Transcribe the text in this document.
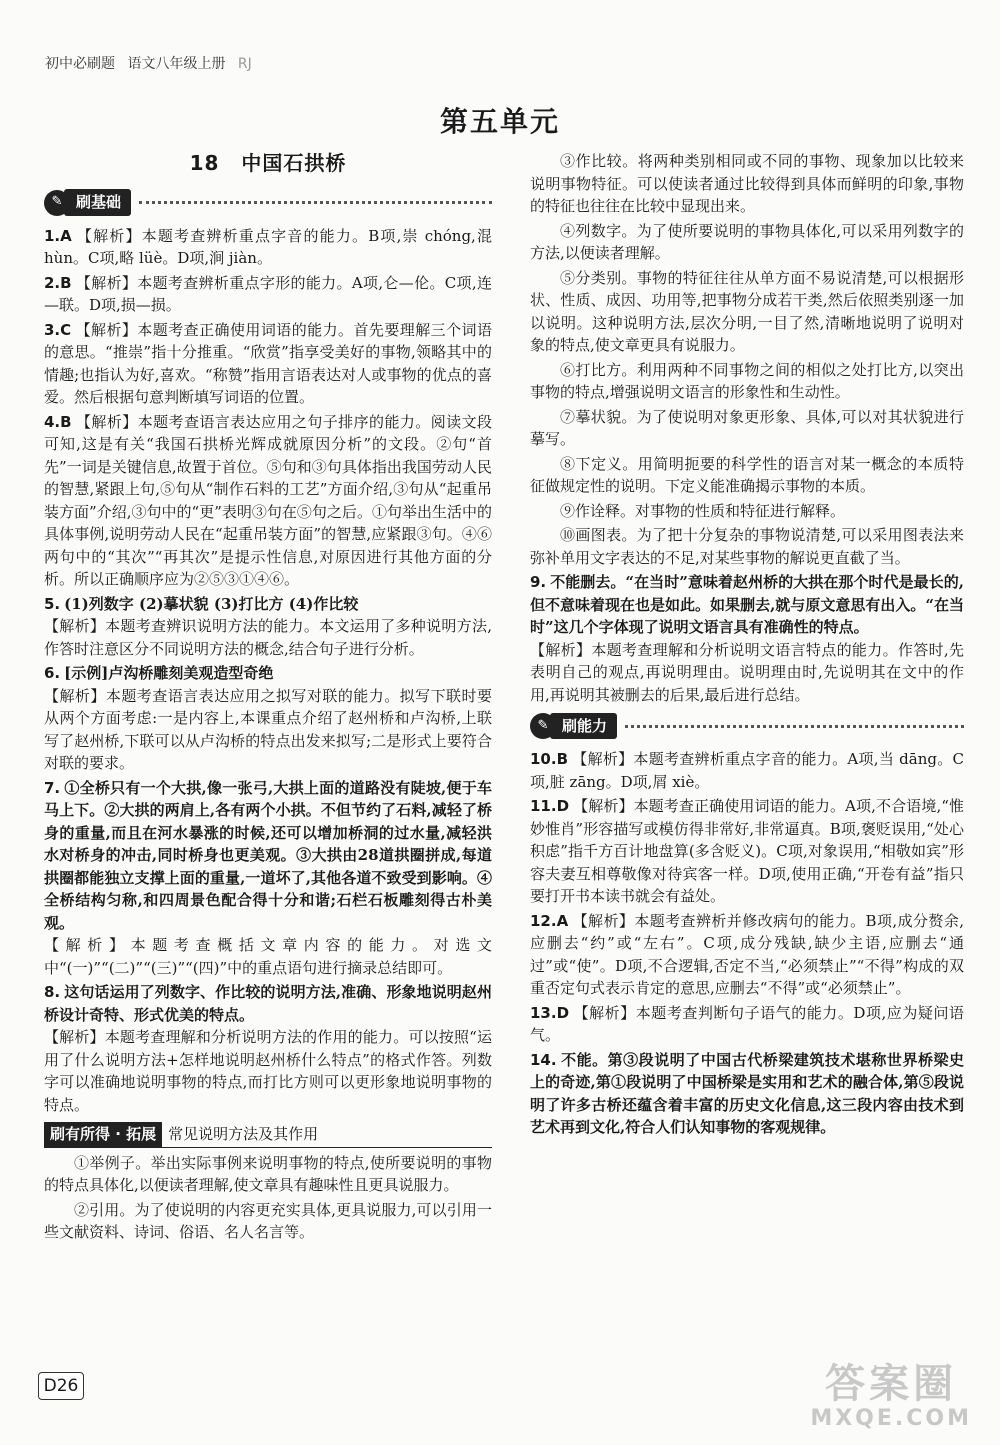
初中必刷题 语文八年级上册 RJ
第五单元
18 中国石拱桥
✎ 刷基础
1.A 【解析】本题考查辨析重点字音的能力。B项,崇 chóng,混 hùn。C项,略 lüè。D项,涧 jiàn。
2.B 【解析】本题考查辨析重点字形的能力。A项,仑—伦。C项,连—联。D项,损—损。
3.C 【解析】本题考查正确使用词语的能力。首先要理解三个词语的意思。“推崇”指十分推重。“欣赏”指享受美好的事物,领略其中的情趣;也指认为好,喜欢。“称赞”指用言语表达对人或事物的优点的喜爱。然后根据句意判断填写词语的位置。
4.B 【解析】本题考查语言表达应用之句子排序的能力。阅读文段可知,这是有关“我国石拱桥光辉成就原因分析”的文段。②句“首先”一词是关键信息,故置于首位。⑤句和③句具体指出我国劳动人民的智慧,紧跟上句,⑤句从“制作石料的工艺”方面介绍,③句从“起重吊装方面”介绍,③句中的“更”表明③句在⑤句之后。①句举出生活中的具体事例,说明劳动人民在“起重吊装方面”的智慧,应紧跟③句。④⑥两句中的“其次”“再其次”是提示性信息,对原因进行其他方面的分析。所以正确顺序应为②⑤③①④⑥。
5. (1)列数字 (2)摹状貌 (3)打比方 (4)作比较
【解析】本题考查辨识说明方法的能力。本文运用了多种说明方法,作答时注意区分不同说明方法的概念,结合句子进行分析。
6. [示例]卢沟桥雕刻美观造型奇绝
【解析】本题考查语言表达应用之拟写对联的能力。拟写下联时要从两个方面考虑:一是内容上,本课重点介绍了赵州桥和卢沟桥,上联写了赵州桥,下联可以从卢沟桥的特点出发来拟写;二是形式上要符合对联的要求。
7. ①全桥只有一个大拱,像一张弓,大拱上面的道路没有陡坡,便于车马上下。②大拱的两肩上,各有两个小拱。不但节约了石料,减轻了桥身的重量,而且在河水暴涨的时候,还可以增加桥洞的过水量,减轻洪水对桥身的冲击,同时桥身也更美观。③大拱由28道拱圈拼成,每道拱圈都能独立支撑上面的重量,一道坏了,其他各道不致受到影响。④全桥结构匀称,和四周景色配合得十分和谐;石栏石板雕刻得古朴美观。
【解析】本题考查概括文章内容的能力。对选文中“(一)”“(二)”“(三)”“(四)”中的重点语句进行摘录总结即可。
8. 这句话运用了列数字、作比较的说明方法,准确、形象地说明赵州桥设计奇特、形式优美的特点。
【解析】本题考查理解和分析说明方法的作用的能力。可以按照“运用了什么说明方法+怎样地说明赵州桥什么特点”的格式作答。列数字可以准确地说明事物的特点,而打比方则可以更形象地说明事物的特点。
刷有所得 · 拓展 常见说明方法及其作用
①举例子。举出实际事例来说明事物的特点,使所要说明的事物的特点具体化,以便读者理解,使文章具有趣味性且更具说服力。
②引用。为了使说明的内容更充实具体,更具说服力,可以引用一些文献资料、诗词、俗语、名人名言等。
③作比较。将两种类别相同或不同的事物、现象加以比较来说明事物特征。可以使读者通过比较得到具体而鲜明的印象,事物的特征也往往在比较中显现出来。
④列数字。为了使所要说明的事物具体化,可以采用列数字的方法,以便读者理解。
⑤分类别。事物的特征往往从单方面不易说清楚,可以根据形状、性质、成因、功用等,把事物分成若干类,然后依照类别逐一加以说明。这种说明方法,层次分明,一目了然,清晰地说明了说明对象的特点,使文章更具有说服力。
⑥打比方。利用两种不同事物之间的相似之处打比方,以突出事物的特点,增强说明文语言的形象性和生动性。
⑦摹状貌。为了使说明对象更形象、具体,可以对其状貌进行摹写。
⑧下定义。用简明扼要的科学性的语言对某一概念的本质特征做规定性的说明。下定义能准确揭示事物的本质。
⑨作诠释。对事物的性质和特征进行解释。
⑩画图表。为了把十分复杂的事物说清楚,可以采用图表法来弥补单用文字表达的不足,对某些事物的解说更直截了当。
9. 不能删去。“在当时”意味着赵州桥的大拱在那个时代是最长的,但不意味着现在也是如此。如果删去,就与原文意思有出入。“在当时”这几个字体现了说明文语言具有准确性的特点。
【解析】本题考查理解和分析说明文语言特点的能力。作答时,先表明自己的观点,再说明理由。说明理由时,先说明其在文中的作用,再说明其被删去的后果,最后进行总结。
✎ 刷能力
10.B 【解析】本题考查辨析重点字音的能力。A项,当 dāng。C项,脏 zāng。D项,屑 xiè。
11.D 【解析】本题考查正确使用词语的能力。A项,不合语境,“惟妙惟肖”形容描写或模仿得非常好,非常逼真。B项,褒贬误用,“处心积虑”指千方百计地盘算(多含贬义)。C项,对象误用,“相敬如宾”形容夫妻互相尊敬像对待宾客一样。D项,使用正确,“开卷有益”指只要打开书本读书就会有益处。
12.A 【解析】本题考查辨析并修改病句的能力。B项,成分赘余,应删去“约”或“左右”。C项,成分残缺,缺少主语,应删去“通过”或“使”。D项,不合逻辑,否定不当,“必须禁止”“不得”构成的双重否定句式表示肯定的意思,应删去“不得”或“必须禁止”。
13.D 【解析】本题考查判断句子语气的能力。D项,应为疑问语气。
14. 不能。第③段说明了中国古代桥梁建筑技术堪称世界桥梁史上的奇迹,第①段说明了中国桥梁是实用和艺术的融合体,第⑤段说明了许多古桥还蕴含着丰富的历史文化信息,这三段内容由技术到艺术再到文化,符合人们认知事物的客观规律。
D26	答案圈
MXQE.COM
